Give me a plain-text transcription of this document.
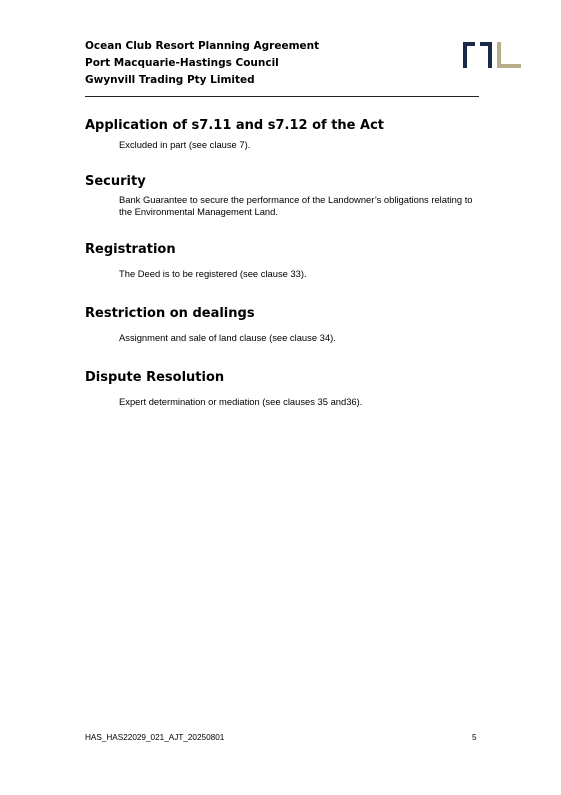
Ocean Club Resort Planning Agreement
Port Macquarie-Hastings Council
Gwynvill Trading Pty Limited
Application of s7.11 and s7.12 of the Act
Excluded in part (see clause 7).
Security
Bank Guarantee to secure the performance of the Landowner’s obligations relating to the Environmental Management Land.
Registration
The Deed is to be registered (see clause 33).
Restriction on dealings
Assignment and sale of land clause (see clause 34).
Dispute Resolution
Expert determination or mediation (see clauses 35 and36).
HAS_HAS22029_021_AJT_20250801	5
